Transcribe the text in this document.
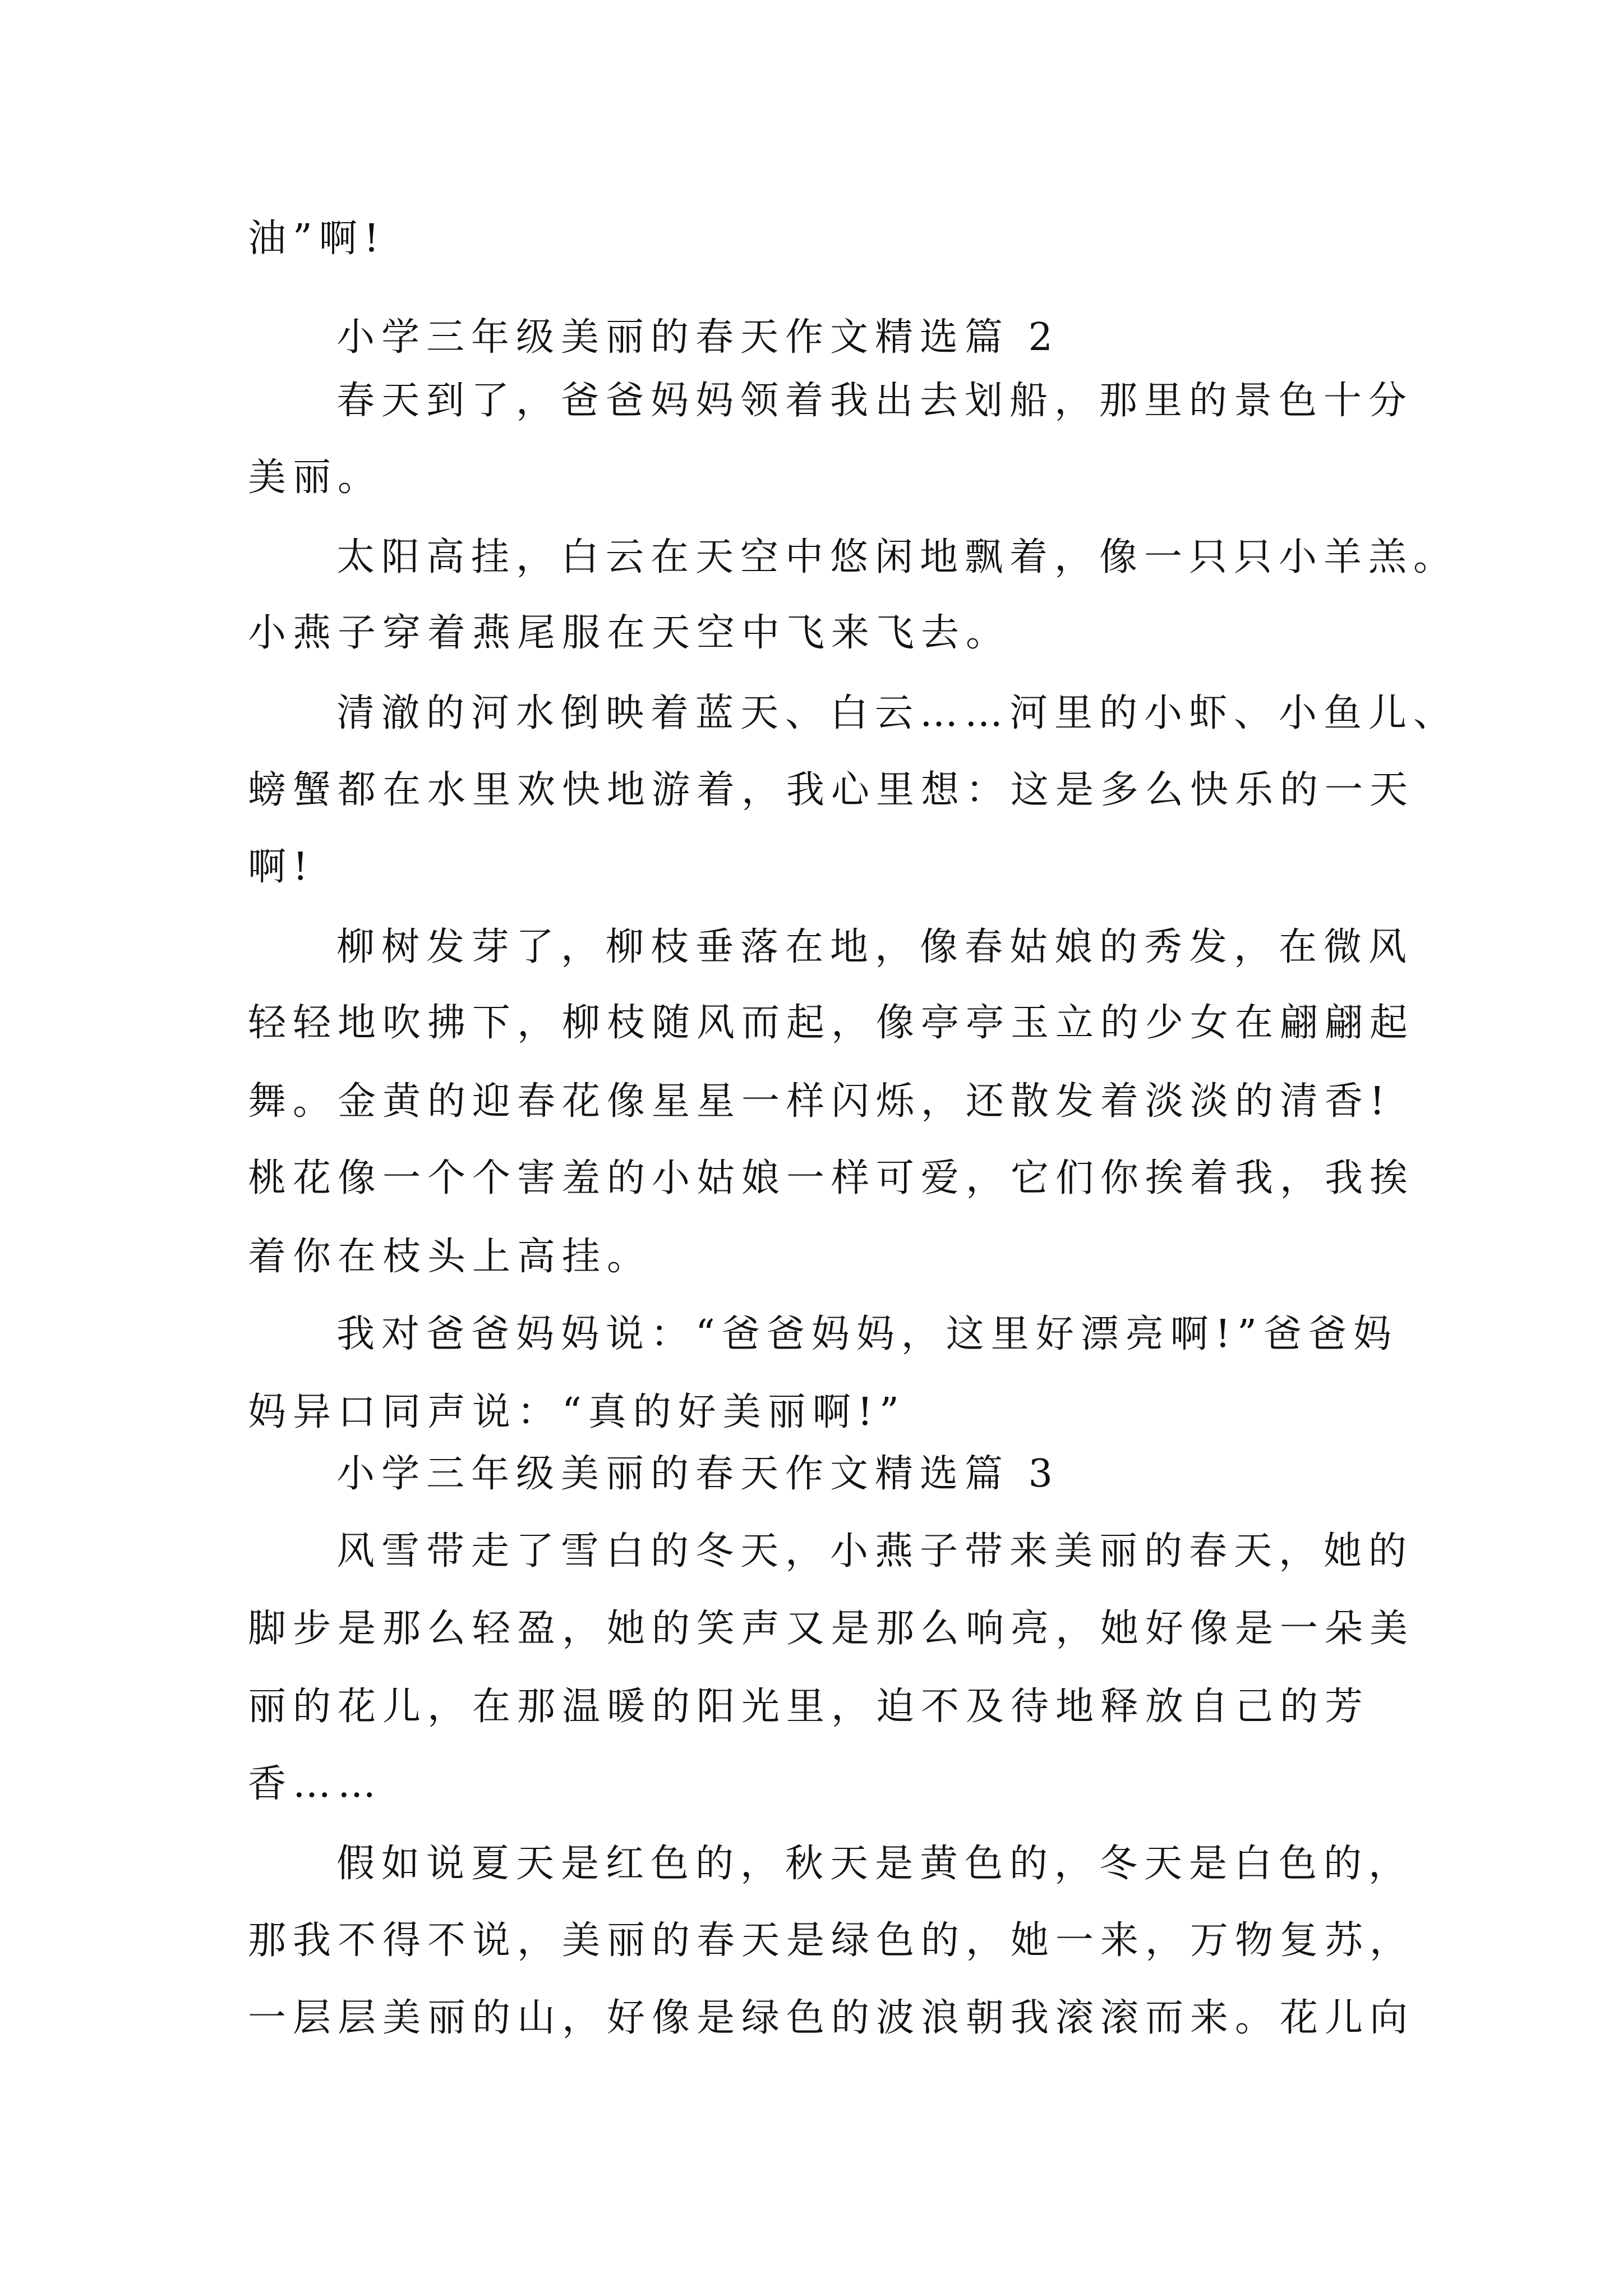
油”啊!
小学三年级美丽的春天作文精选篇 2
春天到了，爸爸妈妈领着我出去划船，那里的景色十分
美丽。
太阳高挂，白云在天空中悠闲地飘着，像一只只小羊羔。
小燕子穿着燕尾服在天空中飞来飞去。
清澈的河水倒映着蓝天、白云……河里的小虾、小鱼儿、
螃蟹都在水里欢快地游着，我心里想：这是多么快乐的一天
啊!
柳树发芽了，柳枝垂落在地，像春姑娘的秀发，在微风
轻轻地吹拂下，柳枝随风而起，像亭亭玉立的少女在翩翩起
舞。金黄的迎春花像星星一样闪烁，还散发着淡淡的清香!
桃花像一个个害羞的小姑娘一样可爱，它们你挨着我，我挨
着你在枝头上高挂。
我对爸爸妈妈说：“爸爸妈妈，这里好漂亮啊!”爸爸妈
妈异口同声说：“真的好美丽啊!”
小学三年级美丽的春天作文精选篇 3
风雪带走了雪白的冬天，小燕子带来美丽的春天，她的
脚步是那么轻盈，她的笑声又是那么响亮，她好像是一朵美
丽的花儿，在那温暖的阳光里，迫不及待地释放自己的芳
香……
假如说夏天是红色的，秋天是黄色的，冬天是白色的，
那我不得不说，美丽的春天是绿色的，她一来，万物复苏，
一层层美丽的山，好像是绿色的波浪朝我滚滚而来。花儿向
